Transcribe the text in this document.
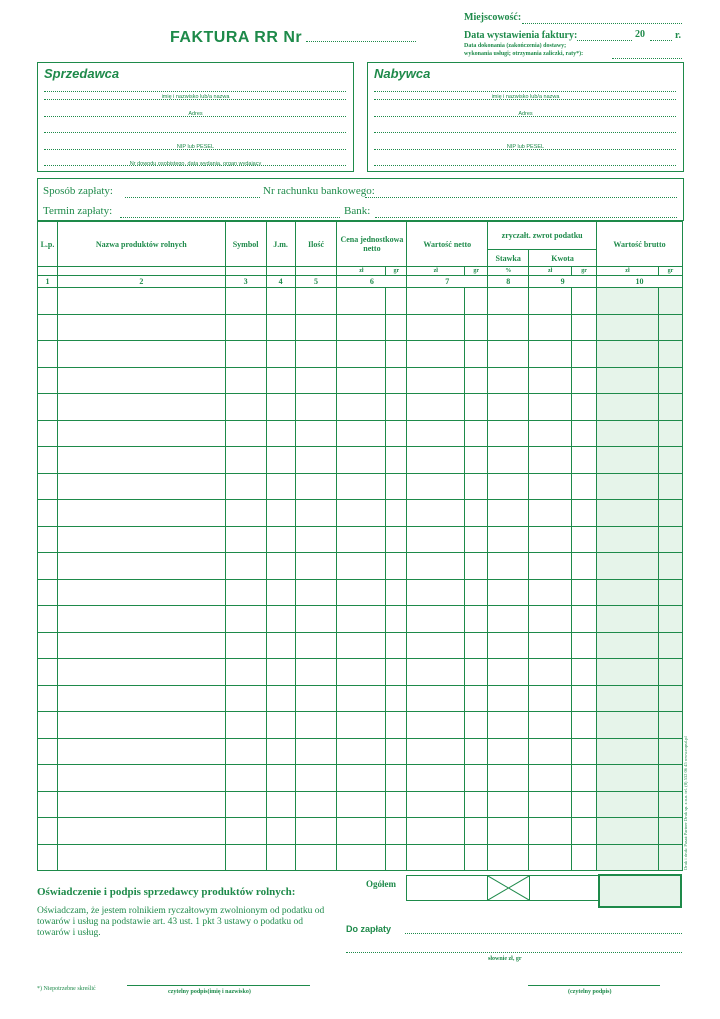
FAKTURA RR Nr
Miejscowość:
Data wystawienia faktury:	20	r.
Data dokonania (zakończenia) dostawy;
wykonania usługi; otrzymania zaliczki, raty*):
Sprzedawca
imię i nazwisko lub/a nazwa
Adres
NIP lub PESEL
Nr dowodu osobistego, data wydania, organ wydający
Nabywca
imię i nazwisko lub/a nazwa
Adres
NIP lub PESEL
Sposób zapłaty:	Nr rachunku bankowego:
Termin zapłaty:	Bank:
L.p.	Nazwa produktów rolnych	Symbol	J.m.	Ilość	Cena jednostkowa netto		Wartość netto		zryczałt. zwrot podatku			Wartość brutto	
									Stawka	Kwota			
					zł	gr	zł	gr	%	zł	gr	zł	gr
1	2	3	4	5	6		7		8	9		10	

Ogółem
Oświadczenie i podpis sprzedawcy produktów rolnych:
Oświadczam, że jestem rolnikiem ryczałtowym zwolnionym od podatku od towarów i usług na podstawie art. 43 ust. 1 pkt 3 ustawy o podatku od towarów i usług.	Do zapłaty
słownie zł, gr
*) Niepotrzebne skreślić	czytelny podpis(imię i nazwisko)	(czytelny podpis)
Druk i druk: Pasaż Partner Druk sp. z o.o. tel. (0) 532 06 45 www.mpsd.pl
